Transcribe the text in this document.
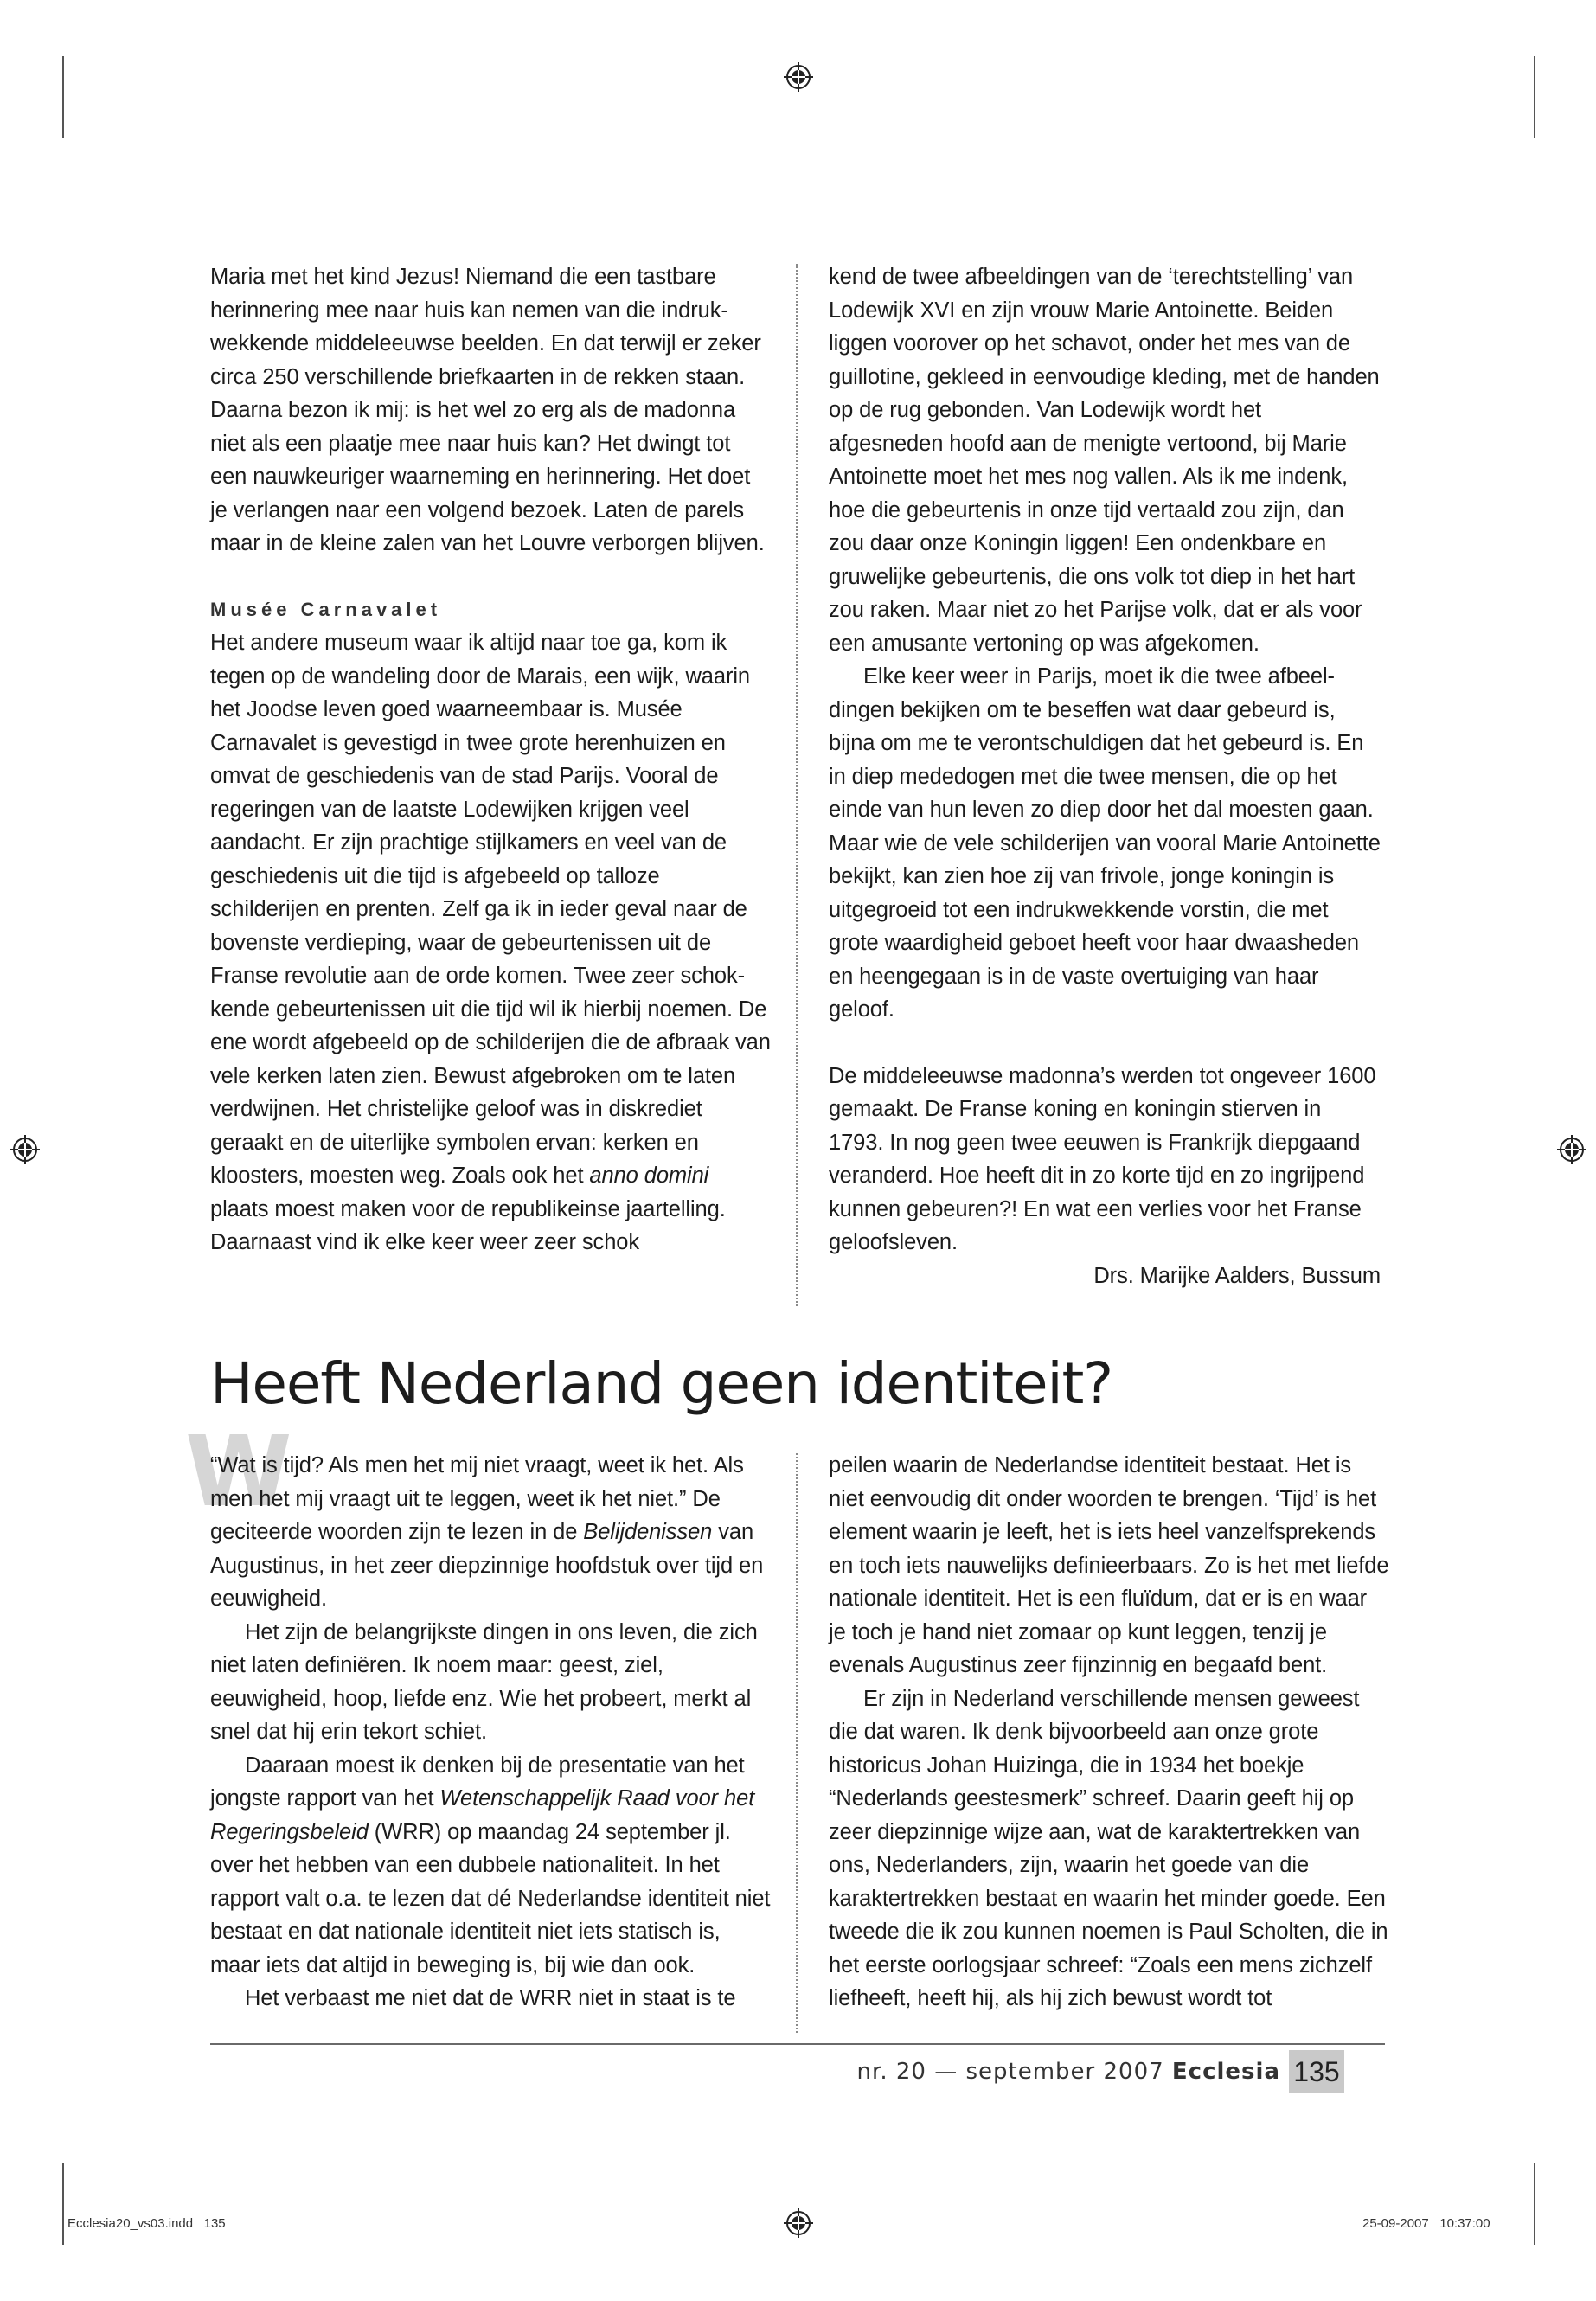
Maria met het kind Jezus! Niemand die een tastbare herinnering mee naar huis kan nemen van die indrukwekkende middeleeuwse beelden. En dat terwijl er zeker circa 250 verschillende briefkaarten in de rekken staan. Daarna bezon ik mij: is het wel zo erg als de madonna niet als een plaatje mee naar huis kan? Het dwingt tot een nauwkeuriger waarneming en herinnering. Het doet je verlangen naar een volgend bezoek. Laten de parels maar in de kleine zalen van het Louvre verborgen blijven.

Musée Carnavalet

Het andere museum waar ik altijd naar toe ga, kom ik tegen op de wandeling door de Marais, een wijk, waarin het Joodse leven goed waarneembaar is. Musée Carnavalet is gevestigd in twee grote herenhuizen en omvat de geschiedenis van de stad Parijs. Vooral de regeringen van de laatste Lodewijken krijgen veel aandacht. Er zijn prachtige stijlkamers en veel van de geschiedenis uit die tijd is afgebeeld op talloze schilderijen en prenten. Zelf ga ik in ieder geval naar de bovenste verdieping, waar de gebeurtenissen uit de Franse revolutie aan de orde komen. Twee zeer schokkende gebeurtenissen uit die tijd wil ik hierbij noemen. De ene wordt afgebeeld op de schilderijen die de afbraak van vele kerken laten zien. Bewust afgebroken om te laten verdwijnen. Het christelijke geloof was in diskrediet geraakt en de uiterlijke symbolen ervan: kerken en kloosters, moesten weg. Zoals ook het anno domini plaats moest maken voor de republikeinse jaartelling. Daarnaast vind ik elke keer weer zeer schok

kend de twee afbeeldingen van de ‘terechtstelling’ van Lodewijk XVI en zijn vrouw Marie Antoinette. Beiden liggen voorover op het schavot, onder het mes van de guillotine, gekleed in eenvoudige kleding, met de handen op de rug gebonden. Van Lodewijk wordt het afgesneden hoofd aan de menigte vertoond, bij Marie Antoinette moet het mes nog vallen. Als ik me indenk, hoe die gebeurtenis in onze tijd vertaald zou zijn, dan zou daar onze Koningin liggen! Een ondenkbare en gruwelijke gebeurtenis, die ons volk tot diep in het hart zou raken. Maar niet zo het Parijse volk, dat er als voor een amusante vertoning op was afgekomen.

Elke keer weer in Parijs, moet ik die twee afbeeldingen bekijken om te beseffen wat daar gebeurd is, bijna om me te verontschuldigen dat het gebeurd is. En in diep mededogen met die twee mensen, die op het einde van hun leven zo diep door het dal moesten gaan. Maar wie de vele schilderijen van vooral Marie Antoinette bekijkt, kan zien hoe zij van frivole, jonge koningin is uitgegroeid tot een indrukwekkende vorstin, die met grote waardigheid geboet heeft voor haar dwaasheden en heengegaan is in de vaste overtuiging van haar geloof.

De middeleeuwse madonna’s werden tot ongeveer 1600 gemaakt. De Franse koning en koningin stierven in 1793. In nog geen twee eeuwen is Frankrijk diepgaand veranderd. Hoe heeft dit in zo korte tijd en zo ingrijpend kunnen gebeuren?! En wat een verlies voor het Franse geloofsleven.

Drs. Marijke Aalders, Bussum

Heeft Nederland geen identiteit?
W

“Wat is tijd? Als men het mij niet vraagt, weet ik het. Als men het mij vraagt uit te leggen, weet ik het niet.” De geciteerde woorden zijn te lezen in de Belijdenissen van Augustinus, in het zeer diepzinnige hoofdstuk over tijd en eeuwigheid.

Het zijn de belangrijkste dingen in ons leven, die zich niet laten definiëren. Ik noem maar: geest, ziel, eeuwigheid, hoop, liefde enz. Wie het probeert, merkt al snel dat hij erin tekort schiet.

Daaraan moest ik denken bij de presentatie van het jongste rapport van het Wetenschappelijk Raad voor het Regeringsbeleid (WRR) op maandag 24 september jl. over het hebben van een dubbele nationaliteit. In het rapport valt o.a. te lezen dat dé Nederlandse identiteit niet bestaat en dat nationale identiteit niet iets statisch is, maar iets dat altijd in beweging is, bij wie dan ook.

Het verbaast me niet dat de WRR niet in staat is te

peilen waarin de Nederlandse identiteit bestaat. Het is niet eenvoudig dit onder woorden te brengen. ‘Tijd’ is het element waarin je leeft, het is iets heel vanzelfsprekends en toch iets nauwelijks definieerbaars. Zo is het met liefde nationale identiteit. Het is een fluïdum, dat er is en waar je toch je hand niet zomaar op kunt leggen, tenzij je evenals Augustinus zeer fijnzinnig en begaafd bent.

Er zijn in Nederland verschillende mensen geweest die dat waren. Ik denk bijvoorbeeld aan onze grote historicus Johan Huizinga, die in 1934 het boekje “Nederlands geestesmerk” schreef. Daarin geeft hij op zeer diepzinnige wijze aan, wat de karaktertrekken van ons, Nederlanders, zijn, waarin het goede van die karaktertrekken bestaat en waarin het minder goede. Een tweede die ik zou kunnen noemen is Paul Scholten, die in het eerste oorlogsjaar schreef: “Zoals een mens zichzelf liefheeft, heeft hij, als hij zich bewust wordt tot

nr. 20 — september 2007 Ecclesia 135
Ecclesia20_vs03.indd   135	25-09-2007   10:37:00
